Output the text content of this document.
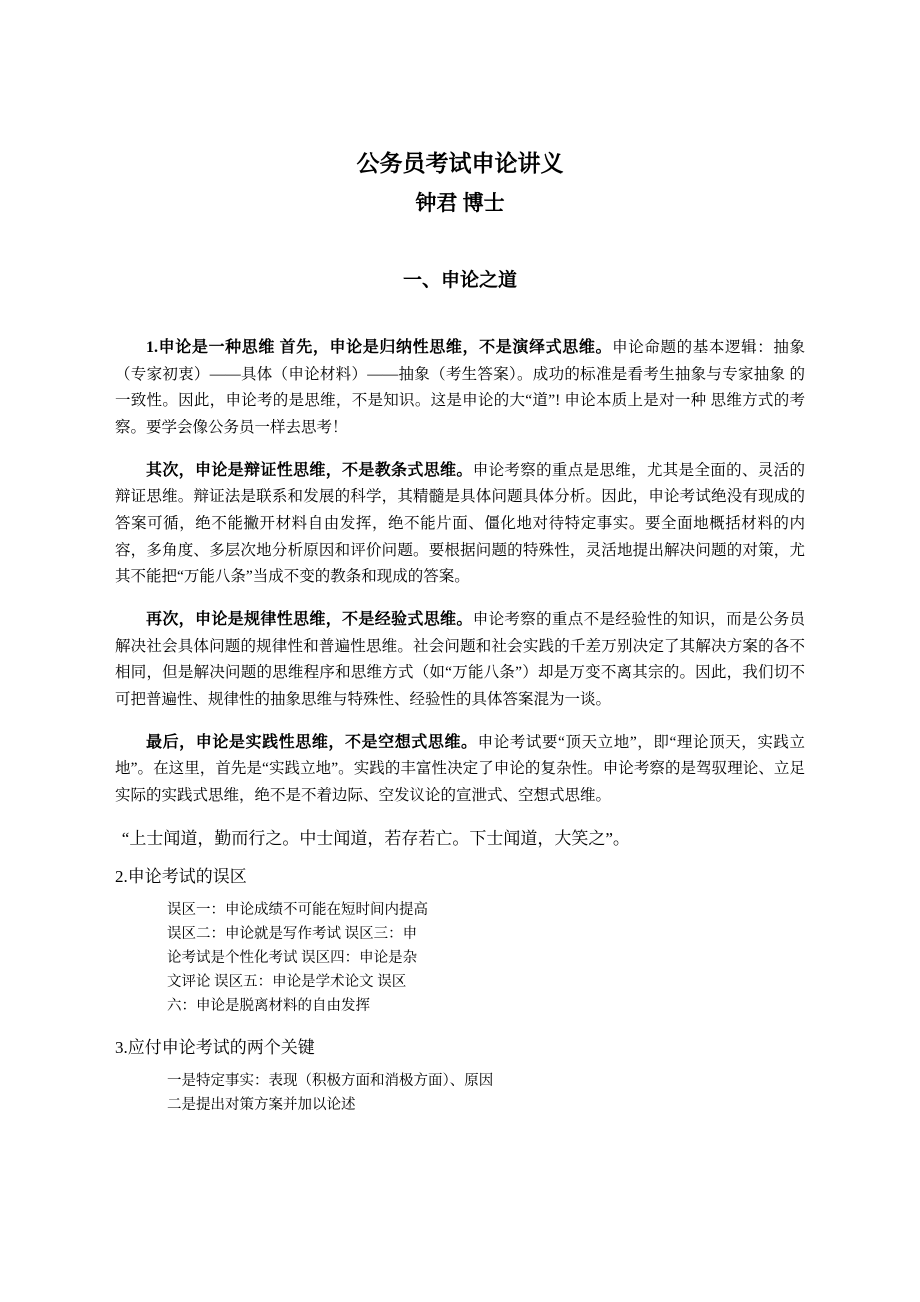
公务员考试申论讲义
钟君 博士
一、申论之道

1.申论是一种思维 首先，申论是归纳性思维，不是演绎式思维。申论命题的基本逻辑：抽象（专家初衷）——具体（申论材料）——抽象（考生答案）。成功的标准是看考生抽象与专家抽象 的一致性。因此，申论考的是思维，不是知识。这是申论的大“道”! 申论本质上是对一种 思维方式的考察。要学会像公务员一样去思考！

其次，申论是辩证性思维，不是教条式思维。申论考察的重点是思维，尤其是全面的、灵活的辩证思维。辩证法是联系和发展的科学，其精髓是具体问题具体分析。因此，申论考试绝没有现成的答案可循，绝不能撇开材料自由发挥，绝不能片面、僵化地对待特定事实。要全面地概括材料的内容，多角度、多层次地分析原因和评价问题。要根据问题的特殊性，灵活地提出解决问题的对策，尤其不能把“万能八条”当成不变的教条和现成的答案。

再次，申论是规律性思维，不是经验式思维。申论考察的重点不是经验性的知识，而是公务员解决社会具体问题的规律性和普遍性思维。社会问题和社会实践的千差万别决定了其解决方案的各不相同，但是解决问题的思维程序和思维方式（如“万能八条”）却是万变不离其宗的。因此，我们切不可把普遍性、规律性的抽象思维与特殊性、经验性的具体答案混为一谈。

最后，申论是实践性思维，不是空想式思维。申论考试要“顶天立地”，即“理论顶天，实践立地”。在这里，首先是“实践立地”。实践的丰富性决定了申论的复杂性。申论考察的是驾驭理论、立足实际的实践式思维，绝不是不着边际、空发议论的宣泄式、空想式思维。

“上士闻道，勤而行之。中士闻道，若存若亡。下士闻道，大笑之”。

2.申论考试的误区

误区一：申论成绩不可能在短时间内提高
误区二：申论就是写作考试 误区三：申
论考试是个性化考试 误区四：申论是杂
文评论 误区五：申论是学术论文 误区
六：申论是脱离材料的自由发挥

3.应付申论考试的两个关键

一是特定事实：表现（积极方面和消极方面）、原因
二是提出对策方案并加以论述
